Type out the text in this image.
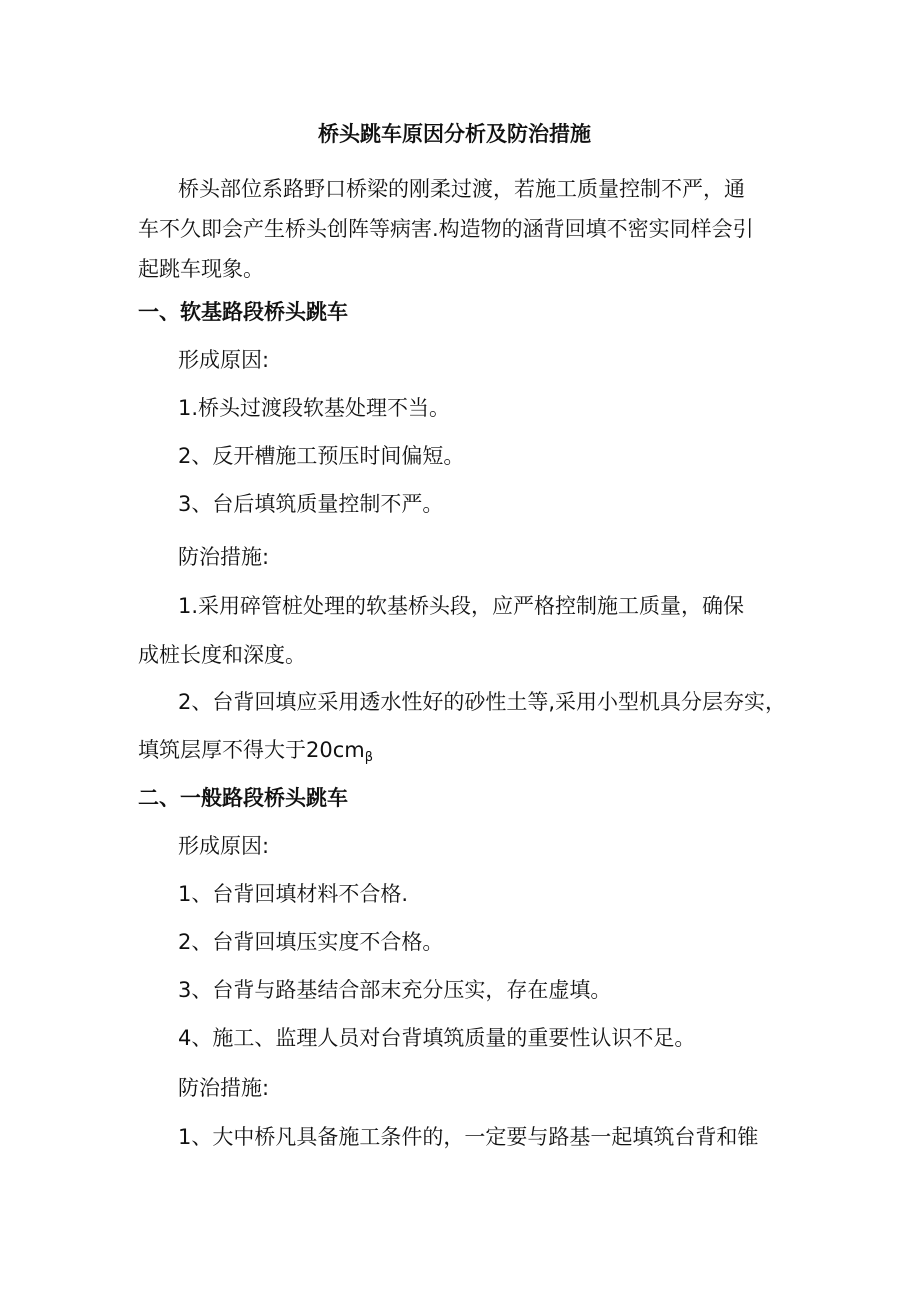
桥头跳车原因分析及防治措施
桥头部位系路野口桥梁的刚柔过渡，若施工质量控制不严，通
车不久即会产生桥头创阵等病害.构造物的涵背回填不密实同样会引
起跳车现象。
一、软基路段桥头跳车
形成原因:
1.桥头过渡段软基处理不当。
2、反开槽施工预压时间偏短。
3、台后填筑质量控制不严。
防治措施:
1.采用碎管桩处理的软基桥头段，应严格控制施工质量，确保
成桩长度和深度。
2、台背回填应采用透水性好的砂性土等,采用小型机具分层夯实，
填筑层厚不得大于20cmβ
二、一般路段桥头跳车
形成原因:
1、台背回填材料不合格.
2、台背回填压实度不合格。
3、台背与路基结合部末充分压实，存在虚填。
4、施工、监理人员对台背填筑质量的重要性认识不足。
防治措施:
1、大中桥凡具备施工条件的，一定要与路基一起填筑台背和锥
